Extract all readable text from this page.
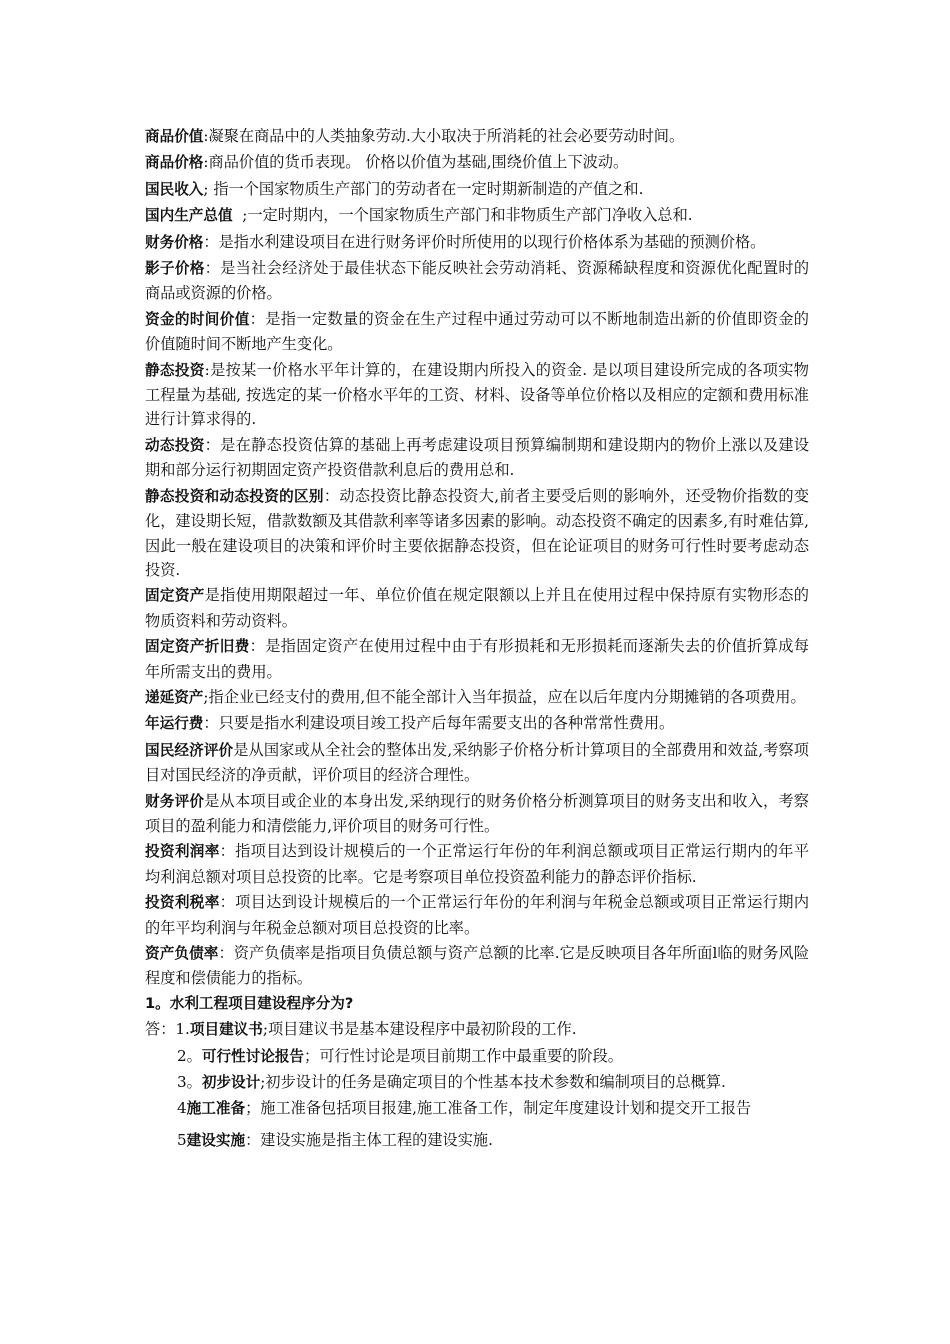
商品价值:凝聚在商品中的人类抽象劳动.大小取决于所消耗的社会必要劳动时间。

商品价格:商品价值的货币表现。 价格以价值为基础,围绕价值上下波动。

国民收入; 指一个国家物质生产部门的劳动者在一定时期新制造的产值之和.

国内生产总值 ;一定时期内，一个国家物质生产部门和非物质生产部门净收入总和.

财务价格：是指水利建设项目在进行财务评价时所使用的以现行价格体系为基础的预测价格。

影子价格：是当社会经济处于最佳状态下能反映社会劳动消耗、资源稀缺程度和资源优化配置时的商品或资源的价格。

资金的时间价值：是指一定数量的资金在生产过程中通过劳动可以不断地制造出新的价值即资金的价值随时间不断地产生变化。

静态投资:是按某一价格水平年计算的，在建设期内所投入的资金. 是以项目建设所完成的各项实物工程量为基础, 按选定的某一价格水平年的工资、材料、设备等单位价格以及相应的定额和费用标准进行计算求得的.

动态投资：是在静态投资估算的基础上再考虑建设项目预算编制期和建设期内的物价上涨以及建设期和部分运行初期固定资产投资借款利息后的费用总和.

静态投资和动态投资的区别：动态投资比静态投资大,前者主要受后则的影响外，还受物价指数的变化，建设期长短，借款数额及其借款利率等诸多因素的影响。动态投资不确定的因素多,有时难估算,因此一般在建设项目的决策和评价时主要依据静态投资，但在论证项目的财务可行性时要考虑动态投资.

固定资产是指使用期限超过一年、单位价值在规定限额以上并且在使用过程中保持原有实物形态的物质资料和劳动资料。

固定资产折旧费：是指固定资产在使用过程中由于有形损耗和无形损耗而逐渐失去的价值折算成每年所需支出的费用。

递延资产;指企业已经支付的费用,但不能全部计入当年损益，应在以后年度内分期摊销的各项费用。

年运行费：只要是指水利建设项目竣工投产后每年需要支出的各种常常性费用。

国民经济评价是从国家或从全社会的整体出发,采纳影子价格分析计算项目的全部费用和效益,考察项目对国民经济的净贡献，评价项目的经济合理性。

财务评价是从本项目或企业的本身出发,采纳现行的财务价格分析测算项目的财务支出和收入，考察项目的盈利能力和清偿能力,评价项目的财务可行性。

投资利润率：指项目达到设计规模后的一个正常运行年份的年利润总额或项目正常运行期内的年平均利润总额对项目总投资的比率。它是考察项目单位投资盈利能力的静态评价指标.

投资利税率：项目达到设计规模后的一个正常运行年份的年利润与年税金总额或项目正常运行期内的年平均利润与年税金总额对项目总投资的比率。

资产负债率：资产负债率是指项目负债总额与资产总额的比率.它是反映项目各年所面l临的财务风险程度和偿债能力的指标。

1。水利工程项目建设程序分为?

答：1.项目建议书;项目建议书是基本建设程序中最初阶段的工作.

2。可行性讨论报告；可行性讨论是项目前期工作中最重要的阶段。

3。初步设计;初步设计的任务是确定项目的个性基本技术参数和编制项目的总概算.

4施工准备；施工准备包括项目报建,施工准备工作，制定年度建设计划和提交开工报告

5建设实施：建设实施是指主体工程的建设实施.
